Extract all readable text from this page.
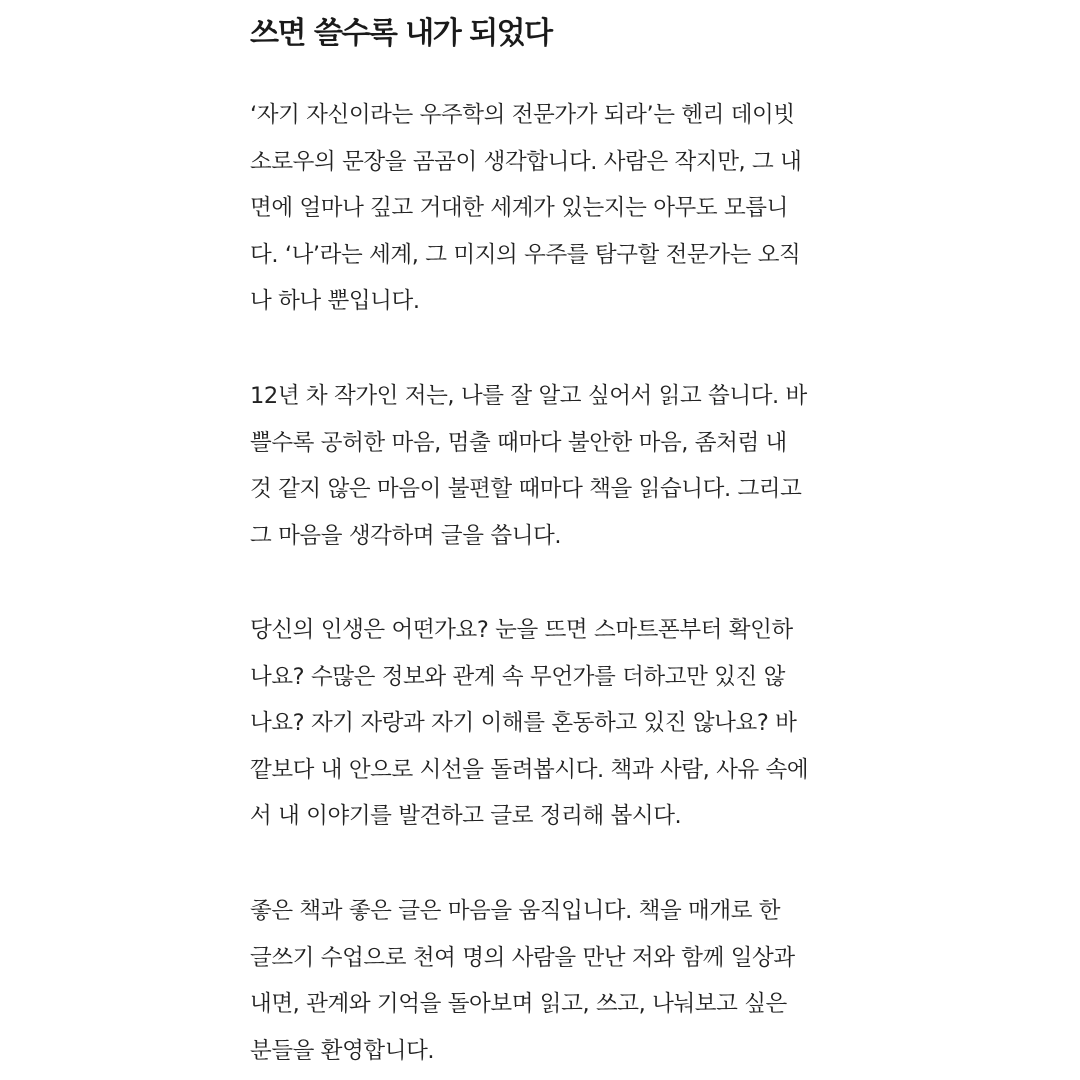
쓰면 쓸수록 내가 되었다
‘자기 자신이라는 우주학의 전문가가 되라’는 헨리 데이빗
소로우의 문장을 곰곰이 생각합니다. 사람은 작지만, 그 내
면에 얼마나 깊고 거대한 세계가 있는지는 아무도 모릅니
다. ‘나’라는 세계, 그 미지의 우주를 탐구할 전문가는 오직
나 하나 뿐입니다.
12년 차 작가인 저는, 나를 잘 알고 싶어서 읽고 씁니다. 바
쁠수록 공허한 마음, 멈출 때마다 불안한 마음, 좀처럼 내
것 같지 않은 마음이 불편할 때마다 책을 읽습니다. 그리고
그 마음을 생각하며 글을 씁니다.
당신의 인생은 어떤가요? 눈을 뜨면 스마트폰부터 확인하
나요? 수많은 정보와 관계 속 무언가를 더하고만 있진 않
나요? 자기 자랑과 자기 이해를 혼동하고 있진 않나요? 바
깥보다 내 안으로 시선을 돌려봅시다. 책과 사람, 사유 속에
서 내 이야기를 발견하고 글로 정리해 봅시다.
좋은 책과 좋은 글은 마음을 움직입니다. 책을 매개로 한
글쓰기 수업으로 천여 명의 사람을 만난 저와 함께 일상과
내면, 관계와 기억을 돌아보며 읽고, 쓰고, 나눠보고 싶은
분들을 환영합니다.
